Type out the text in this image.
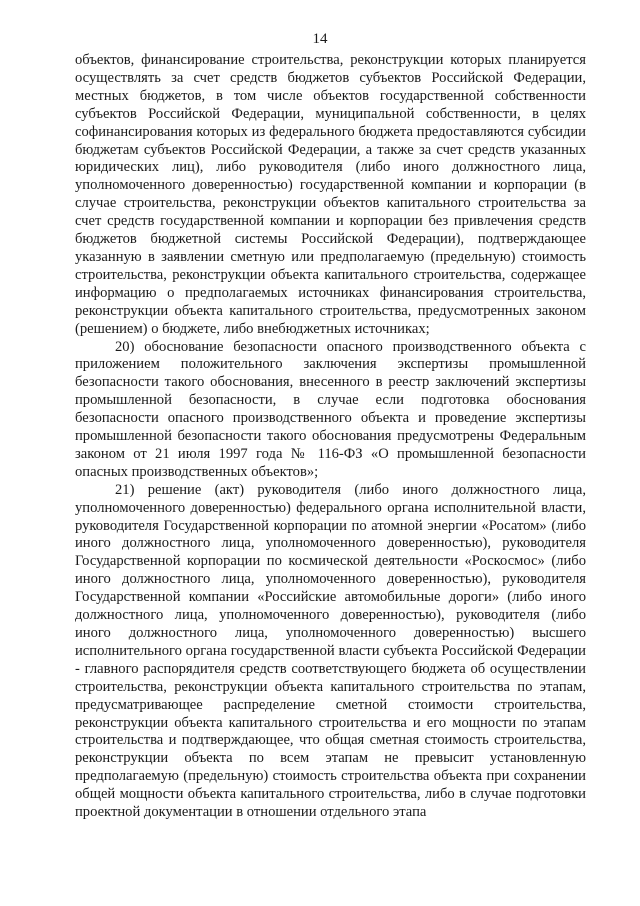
14

объектов, финансирование строительства, реконструкции которых планируется осуществлять за счет средств бюджетов субъектов Российской Федерации, местных бюджетов, в том числе объектов государственной собственности субъектов Российской Федерации, муниципальной собственности, в целях софинансирования которых из федерального бюджета предоставляются субсидии бюджетам субъектов Российской Федерации, а также за счет средств указанных юридических лиц), либо руководителя (либо иного должностного лица, уполномоченного доверенностью) государственной компании и корпорации (в случае строительства, реконструкции объектов капитального строительства за счет средств государственной компании и корпорации без привлечения средств бюджетов бюджетной системы Российской Федерации), подтверждающее указанную в заявлении сметную или предполагаемую (предельную) стоимость строительства, реконструкции объекта капитального строительства, содержащее информацию о предполагаемых источниках финансирования строительства, реконструкции объекта капитального строительства, предусмотренных законом (решением) о бюджете, либо внебюджетных источниках;

20) обоснование безопасности опасного производственного объекта с приложением положительного заключения экспертизы промышленной безопасности такого обоснования, внесенного в реестр заключений экспертизы промышленной безопасности, в случае если подготовка обоснования безопасности опасного производственного объекта и проведение экспертизы промышленной безопасности такого обоснования предусмотрены Федеральным законом от 21 июля 1997 года № 116-ФЗ «О промышленной безопасности опасных производственных объектов»;

21) решение (акт) руководителя (либо иного должностного лица, уполномоченного доверенностью) федерального органа исполнительной власти, руководителя Государственной корпорации по атомной энергии «Росатом» (либо иного должностного лица, уполномоченного доверенностью), руководителя Государственной корпорации по космической деятельности «Роскосмос» (либо иного должностного лица, уполномоченного доверенностью), руководителя Государственной компании «Российские автомобильные дороги» (либо иного должностного лица, уполномоченного доверенностью), руководителя (либо иного должностного лица, уполномоченного доверенностью) высшего исполнительного органа государственной власти субъекта Российской Федерации - главного распорядителя средств соответствующего бюджета об осуществлении строительства, реконструкции объекта капитального строительства по этапам, предусматривающее распределение сметной стоимости строительства, реконструкции объекта капитального строительства и его мощности по этапам строительства и подтверждающее, что общая сметная стоимость строительства, реконструкции объекта по всем этапам не превысит установленную предполагаемую (предельную) стоимость строительства объекта при сохранении общей мощности объекта капитального строительства, либо в случае подготовки проектной документации в отношении отдельного этапа
